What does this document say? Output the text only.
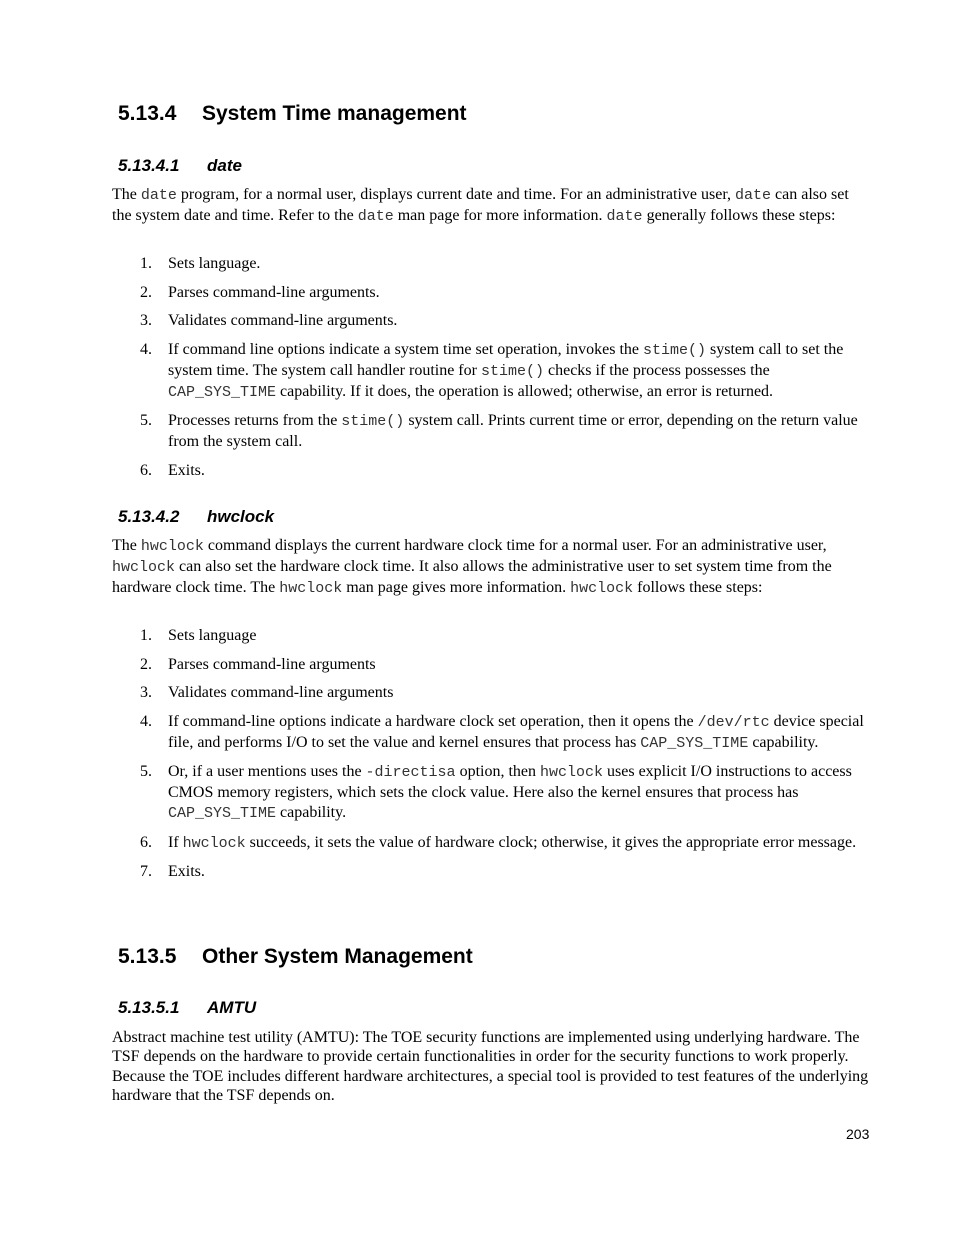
5.13.4 System Time management
5.13.4.1 date

The date program, for a normal user, displays current date and time. For an administrative user, date can also set the system date and time. Refer to the date man page for more information. date generally follows these steps:

1. Sets language.
2. Parses command-line arguments.
3. Validates command-line arguments.
4. If command line options indicate a system time set operation, invokes the stime() system call to set the system time. The system call handler routine for stime() checks if the process possesses the CAP_SYS_TIME capability. If it does, the operation is allowed; otherwise, an error is returned.
5. Processes returns from the stime() system call. Prints current time or error, depending on the return value from the system call.
6. Exits.
5.13.4.2 hwclock

The hwclock command displays the current hardware clock time for a normal user. For an administrative user, hwclock can also set the hardware clock time. It also allows the administrative user to set system time from the hardware clock time. The hwclock man page gives more information. hwclock follows these steps:

1. Sets language
2. Parses command-line arguments
3. Validates command-line arguments
4. If command-line options indicate a hardware clock set operation, then it opens the /dev/rtc device special file, and performs I/O to set the value and kernel ensures that process has CAP_SYS_TIME capability.
5. Or, if a user mentions uses the -directisa option, then hwclock uses explicit I/O instructions to access CMOS memory registers, which sets the clock value. Here also the kernel ensures that process has CAP_SYS_TIME capability.
6. If hwclock succeeds, it sets the value of hardware clock; otherwise, it gives the appropriate error message.
7. Exits.
5.13.5 Other System Management
5.13.5.1 AMTU

Abstract machine test utility (AMTU): The TOE security functions are implemented using underlying hardware. The TSF depends on the hardware to provide certain functionalities in order for the security functions to work properly. Because the TOE includes different hardware architectures, a special tool is provided to test features of the underlying hardware that the TSF depends on.

203
